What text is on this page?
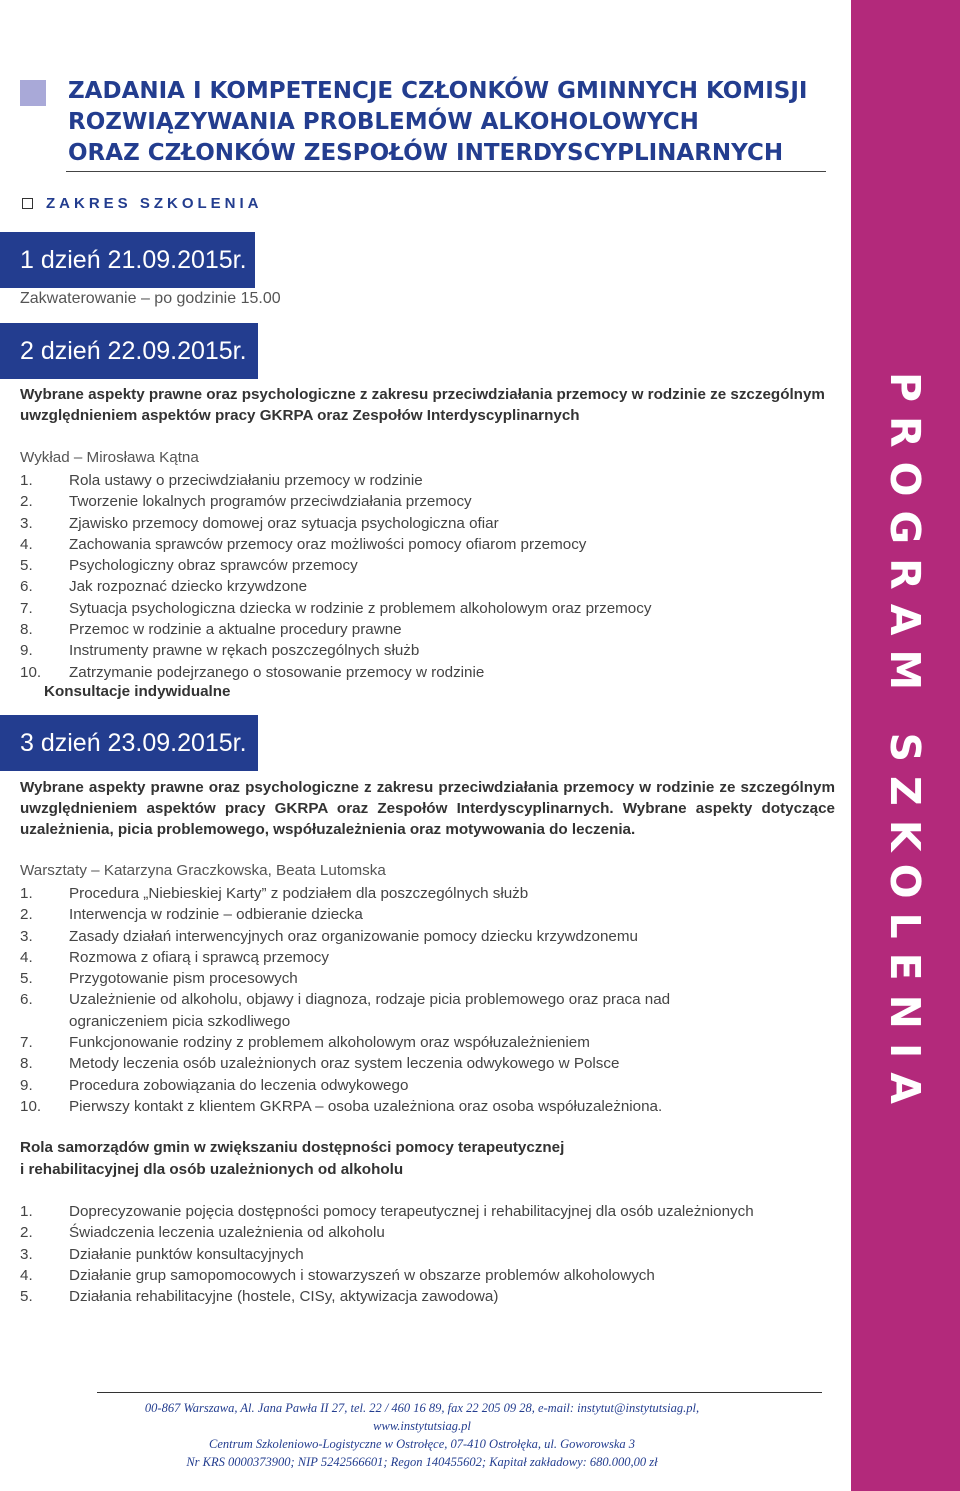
PROGRAM SZKOLENIA
ZADANIA I KOMPETENCJE CZŁONKÓW GMINNYCH KOMISJI
ROZWIĄZYWANIA PROBLEMÓW ALKOHOLOWYCH
ORAZ CZŁONKÓW ZESPOŁÓW INTERDYSCYPLINARNYCH
ZAKRES SZKOLENIA
1 dzień 21.09.2015r.
Zakwaterowanie – po godzinie 15.00
2 dzień 22.09.2015r.
Wybrane aspekty prawne oraz psychologiczne z zakresu przeciwdziałania przemocy w rodzinie ze szczególnym uwzględnieniem aspektów pracy GKRPA oraz Zespołów Interdyscyplinarnych
Wykład – Mirosława Kątna
1.	Rola ustawy o przeciwdziałaniu przemocy w rodzinie
2.	Tworzenie lokalnych programów przeciwdziałania przemocy
3.	Zjawisko przemocy domowej oraz sytuacja psychologiczna ofiar
4.	Zachowania sprawców przemocy oraz możliwości pomocy ofiarom przemocy
5.	Psychologiczny obraz sprawców przemocy
6.	Jak rozpoznać dziecko krzywdzone
7.	Sytuacja psychologiczna dziecka w rodzinie z problemem alkoholowym oraz przemocy
8.	Przemoc w rodzinie a aktualne procedury prawne
9.	Instrumenty prawne w rękach poszczególnych służb
10.	Zatrzymanie podejrzanego o stosowanie przemocy w rodzinie
Konsultacje indywidualne
3 dzień 23.09.2015r.
Wybrane aspekty prawne oraz psychologiczne z zakresu przeciwdziałania przemocy w rodzinie ze szczególnym uwzględnieniem aspektów pracy GKRPA oraz Zespołów Interdyscyplinarnych. Wybrane aspekty dotyczące uzależnienia, picia problemowego, współuzależnienia oraz motywowania do leczenia.
Warsztaty – Katarzyna Graczkowska, Beata Lutomska
1.	Procedura „Niebieskiej Karty” z podziałem dla poszczególnych służb
2.	Interwencja w rodzinie – odbieranie dziecka
3.	Zasady działań interwencyjnych oraz organizowanie pomocy dziecku krzywdzonemu
4.	Rozmowa z ofiarą i sprawcą przemocy
5.	Przygotowanie pism procesowych
6.	Uzależnienie od alkoholu, objawy i diagnoza, rodzaje picia problemowego oraz praca nad ograniczeniem picia szkodliwego
7.	Funkcjonowanie rodziny z problemem alkoholowym oraz współuzależnieniem
8.	Metody leczenia osób uzależnionych oraz system leczenia odwykowego w Polsce
9.	Procedura zobowiązania do leczenia odwykowego
10.	Pierwszy kontakt z klientem GKRPA – osoba uzależniona oraz osoba współuzależniona.
Rola samorządów gmin w zwiększaniu dostępności pomocy terapeutycznej
i rehabilitacyjnej dla osób uzależnionych od alkoholu
1.	Doprecyzowanie pojęcia dostępności pomocy terapeutycznej i rehabilitacyjnej dla osób uzależnionych
2.	Świadczenia leczenia uzależnienia od alkoholu
3.	Działanie punktów konsultacyjnych
4.	Działanie grup samopomocowych i stowarzyszeń w obszarze problemów alkoholowych
5.	Działania rehabilitacyjne (hostele, CISy, aktywizacja zawodowa)
00-867 Warszawa, Al. Jana Pawła II 27, tel. 22 / 460 16 89, fax 22 205 09 28, e-mail: instytut@instytutsiag.pl, www.instytutsiag.pl
Centrum Szkoleniowo-Logistyczne w Ostrołęce, 07-410 Ostrołęka, ul. Goworowska 3
Nr KRS 0000373900; NIP 5242566601; Regon 140455602; Kapitał zakładowy: 680.000,00 zł
